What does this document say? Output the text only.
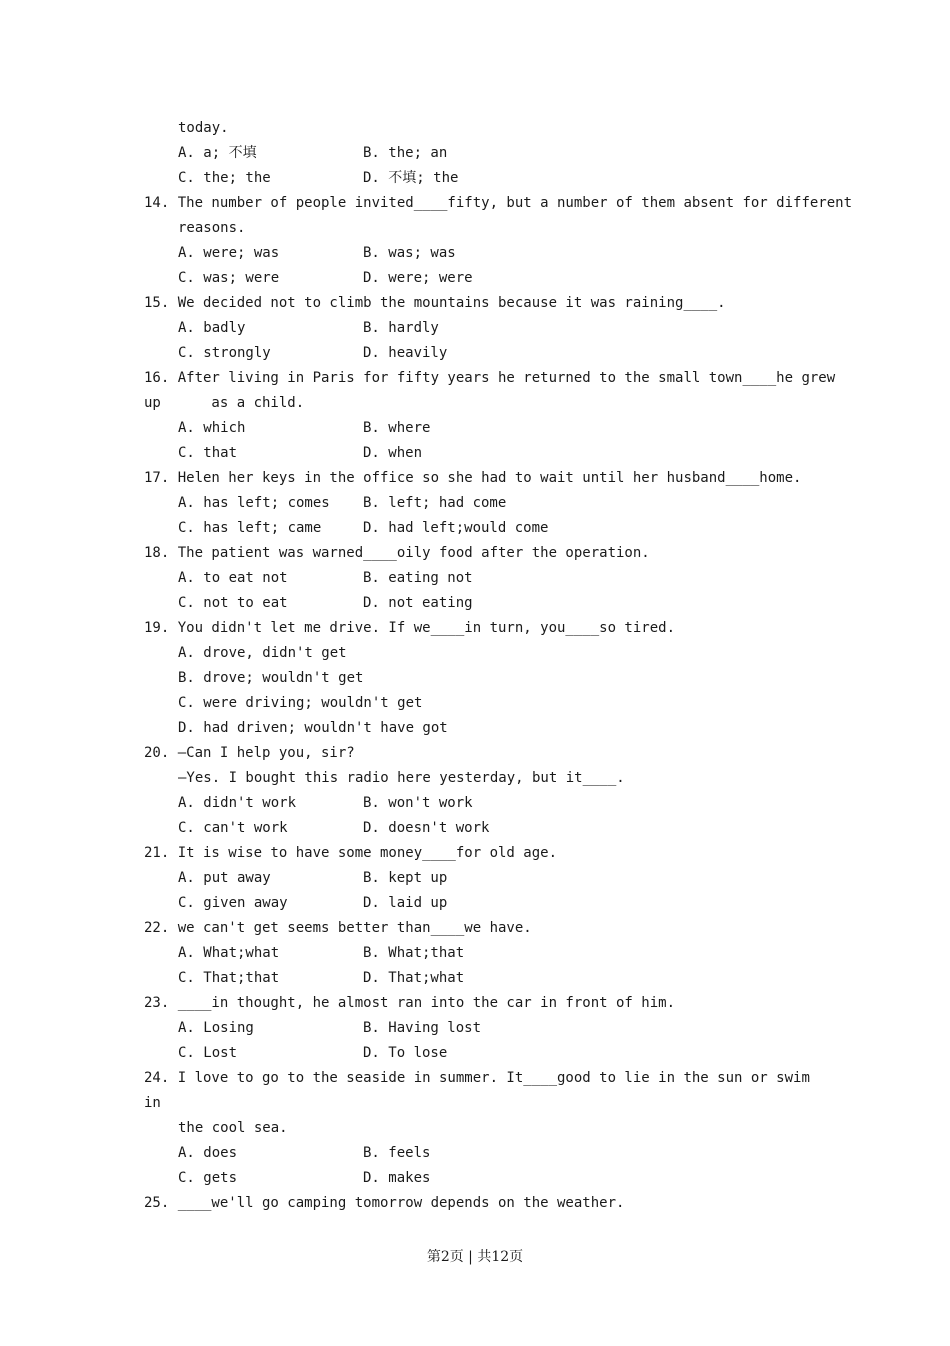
today.
A. a; 不填	B. the; an
C. the; the	D. 不填; the
14. The number of people invited____fifty, but a number of them absent for different
reasons.
A. were; was	B. was; was
C. was; were	D. were; were
15. We decided not to climb the mountains because it was raining____.
A. badly	B. hardly
C. strongly	D. heavily
16. After living in Paris for fifty years he returned to the small town____he grew
up      as a child.
A. which	B. where
C. that	D. when
17. Helen her keys in the office so she had to wait until her husband____home.
A. has left; comes B. left; had come
C. has left; came	D. had left;would come
18. The patient was warned____oily food after the operation.
A. to eat not	B. eating not
C. not to eat	D. not eating
19. You didn't let me drive. If we____in turn, you____so tired.
A. drove, didn't get
B. drove; wouldn't get
C. were driving; wouldn't get
D. had driven; wouldn't have got
20. —Can I help you, sir?
—Yes. I bought this radio here yesterday, but it____.
A. didn't work	B. won't work
C. can't work	D. doesn't work
21. It is wise to have some money____for old age.
A. put away	B. kept up
C. given away	D. laid up
22. we can't get seems better than____we have.
A. What;what	B. What;that
C. That;that	D. That;what
23. ____in thought, he almost ran into the car in front of him.
A. Losing	B. Having lost
C. Lost	D. To lose
24. I love to go to the seaside in summer. It____good to lie in the sun or swim
in
the cool sea.
A. does	B. feels
C. gets	D. makes
25. ____we'll go camping tomorrow depends on the weather.
第2页 | 共12页
